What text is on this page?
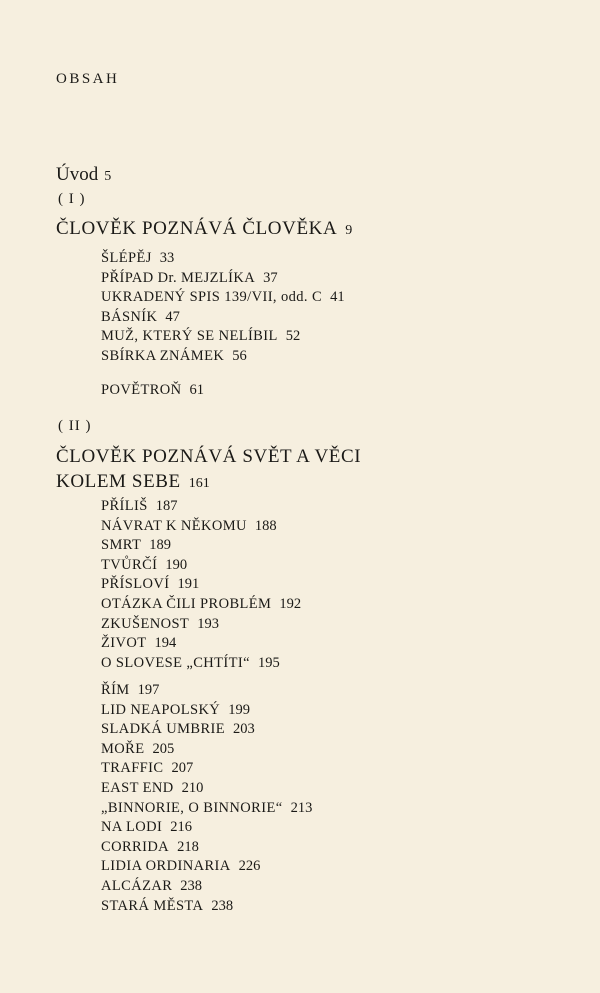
OBSAH
Úvod 5
( I )
ČLOVĚK POZNÁVÁ ČLOVĚKA 9
ŠLÉPĚJ 33
PŘÍPAD Dr. MEJZLÍKA 37
UKRADENÝ SPIS 139/VII, odd. C 41
BÁSNÍK 47
MUŽ, KTERÝ SE NELÍBIL 52
SBÍRKA ZNÁMEK 56
POVĚTROŇ 61
( II )
ČLOVĚK POZNÁVÁ SVĚT A VĚCI
KOLEM SEBE 161
PŘÍLIŠ 187
NÁVRAT K NĚKOMU 188
SMRT 189
TVŮRČÍ 190
PŘÍSLOVÍ 191
OTÁZKA ČILI PROBLÉM 192
ZKUŠENOST 193
ŽIVOT 194
O SLOVESE „CHTÍTI“ 195
ŘÍM 197
LID NEAPOLSKÝ 199
SLADKÁ UMBRIE 203
MOŘE 205
TRAFFIC 207
EAST END 210
„BINNORIE, O BINNORIE“ 213
NA LODI 216
CORRIDA 218
LIDIA ORDINARIA 226
ALCÁZAR 238
STARÁ MĚSTA 238
